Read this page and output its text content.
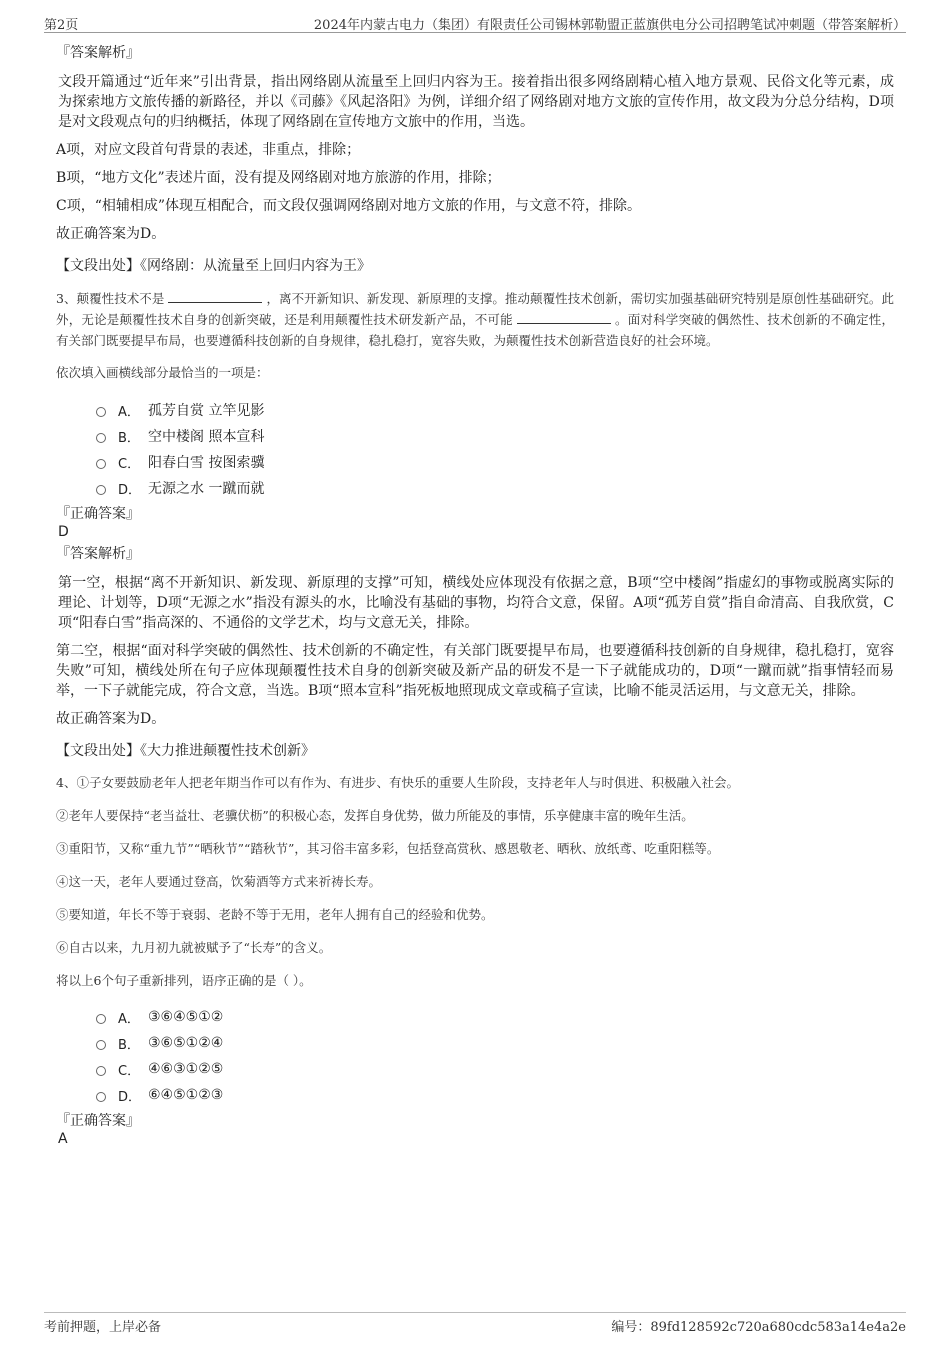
第2页	2024年内蒙古电力（集团）有限责任公司锡林郭勒盟正蓝旗供电分公司招聘笔试冲刺题（带答案解析）

『答案解析』

文段开篇通过“近年来”引出背景，指出网络剧从流量至上回归内容为王。接着指出很多网络剧精心植入地方景观、民俗文化等元素，成为探索地方文旅传播的新路径，并以《司藤》《风起洛阳》为例，详细介绍了网络剧对地方文旅的宣传作用，故文段为分总分结构，D项是对文段观点句的归纳概括，体现了网络剧在宣传地方文旅中的作用，当选。

A项，对应文段首句背景的表述，非重点，排除；

B项，“地方文化”表述片面，没有提及网络剧对地方旅游的作用，排除；

C项，“相辅相成”体现互相配合，而文段仅强调网络剧对地方文旅的作用，与文意不符，排除。

故正确答案为D。

【文段出处】《网络剧：从流量至上回归内容为王》

3、颠覆性技术不是	，离不开新知识、新发现、新原理的支撑。推动颠覆性技术创新，需切实加强基础研究特别是原创性基础研究。此外，无论是颠覆性技术自身的创新突破，还是利用颠覆性技术研发新产品，不可能	。面对科学突破的偶然性、技术创新的不确定性，有关部门既要提早布局，也要遵循科技创新的自身规律，稳扎稳打，宽容失败，为颠覆性技术创新营造良好的社会环境。

依次填入画横线部分最恰当的一项是：

A． 孤芳自赏 立竿见影
B． 空中楼阁 照本宣科
C． 阳春白雪 按图索骥
D． 无源之水 一蹴而就

『正确答案』

D

『答案解析』

第一空，根据“离不开新知识、新发现、新原理的支撑”可知，横线处应体现没有依据之意，B项“空中楼阁”指虚幻的事物或脱离实际的理论、计划等，D项“无源之水”指没有源头的水，比喻没有基础的事物，均符合文意，保留。A项“孤芳自赏”指自命清高、自我欣赏，C项“阳春白雪”指高深的、不通俗的文学艺术，均与文意无关，排除。

第二空，根据“面对科学突破的偶然性、技术创新的不确定性，有关部门既要提早布局，也要遵循科技创新的自身规律，稳扎稳打，宽容失败”可知，横线处所在句子应体现颠覆性技术自身的创新突破及新产品的研发不是一下子就能成功的，D项“一蹴而就”指事情轻而易举，一下子就能完成，符合文意，当选。B项“照本宣科”指死板地照现成文章或稿子宣读，比喻不能灵活运用，与文意无关，排除。

故正确答案为D。

【文段出处】《大力推进颠覆性技术创新》

4、①子女要鼓励老年人把老年期当作可以有作为、有进步、有快乐的重要人生阶段，支持老年人与时俱进、积极融入社会。

②老年人要保持“老当益壮、老骥伏枥”的积极心态，发挥自身优势，做力所能及的事情，乐享健康丰富的晚年生活。

③重阳节，又称“重九节”“晒秋节”“踏秋节”，其习俗丰富多彩，包括登高赏秋、感恩敬老、晒秋、放纸鸢、吃重阳糕等。

④这一天，老年人要通过登高，饮菊酒等方式来祈祷长寿。

⑤要知道，年长不等于衰弱、老龄不等于无用，老年人拥有自己的经验和优势。

⑥自古以来，九月初九就被赋予了“长寿”的含义。

将以上6个句子重新排列，语序正确的是（ ）。

A． ③⑥④⑤①②
B． ③⑥⑤①②④
C． ④⑥③①②⑤
D． ⑥④⑤①②③

『正确答案』

A

考前押题，上岸必备	编号：89fd128592c720a680cdc583a14e4a2e
